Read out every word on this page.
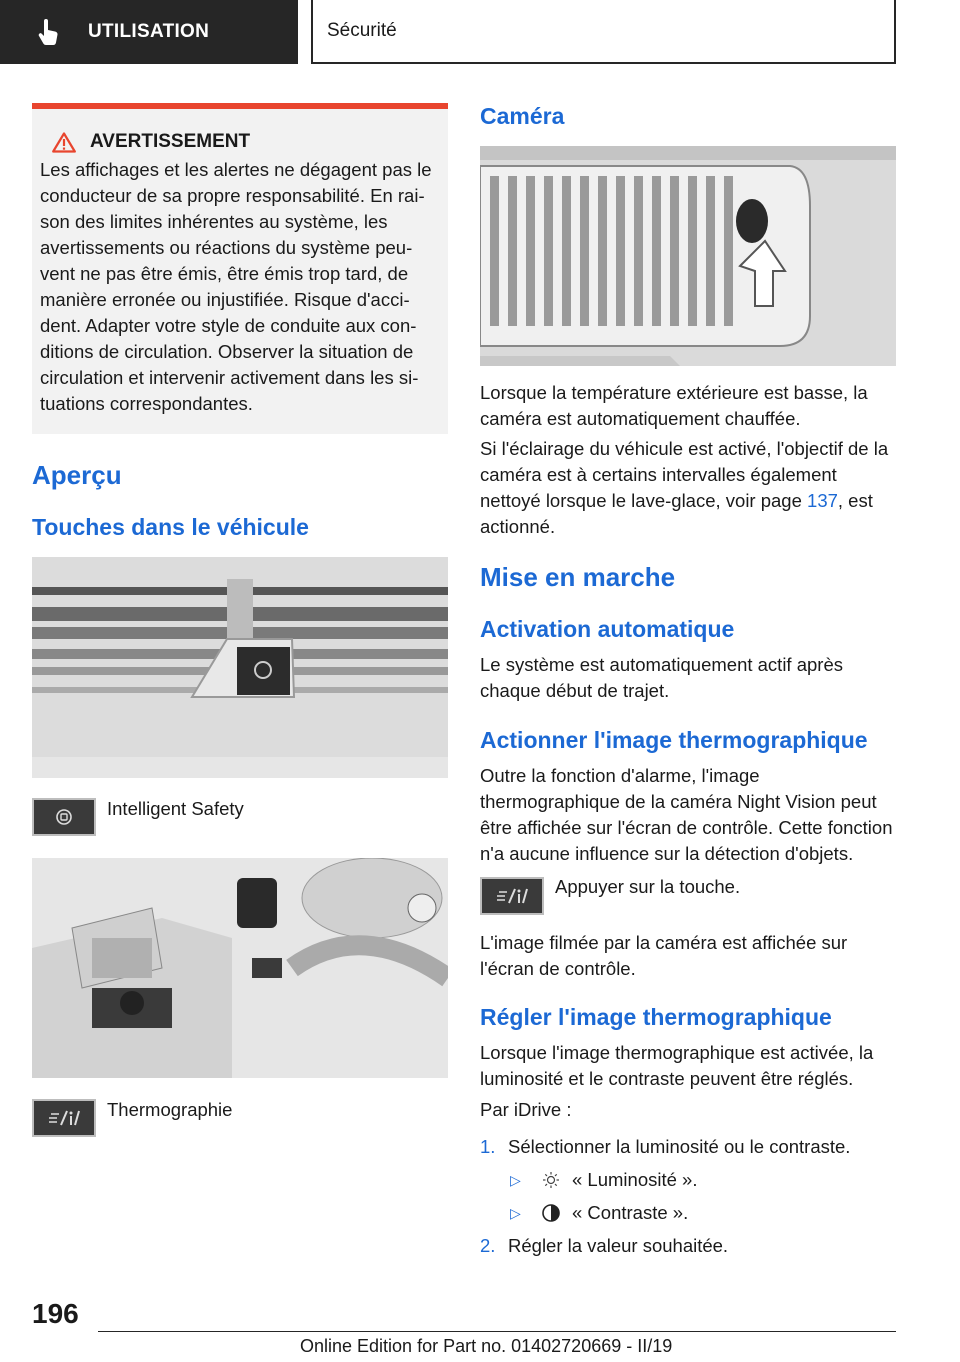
UTILISATION	Sécurité
AVERTISSEMENT

Les affichages et les alertes ne dégagent pas le
conducteur de sa propre responsabilité. En rai‐
son des limites inhérentes au système, les
avertissements ou réactions du système peu‐
vent ne pas être émis, être émis trop tard, de
manière erronée ou injustifiée. Risque d'acci‐
dent. Adapter votre style de conduite aux con‐
ditions de circulation. Observer la situation de
circulation et intervenir activement dans les si‐
tuations correspondantes.

Aperçu
Touches dans le véhicule

Intelligent Safety

Thermographie

Caméra

Lorsque la température extérieure est basse, la caméra est automatiquement chauffée.

Si l'éclairage du véhicule est activé, l'objectif de la caméra est à certains intervalles également nettoyé lorsque le lave-glace, voir page 137, est actionné.

Mise en marche
Activation automatique

Le système est automatiquement actif après chaque début de trajet.

Actionner l'image thermographique

Outre la fonction d'alarme, l'image thermographique de la caméra Night Vision peut être affichée sur l'écran de contrôle. Cette fonction n'a aucune influence sur la détection d'objets.

Appuyer sur la touche.

L'image filmée par la caméra est affichée sur l'écran de contrôle.

Régler l'image thermographique

Lorsque l'image thermographique est activée, la luminosité et le contraste peuvent être réglés.

Par iDrive :

1. Sélectionner la luminosité ou le contraste.

▷	« Luminosité ».

▷	« Contraste ».

2. Régler la valeur souhaitée.

196
Online Edition for Part no. 01402720669 - II/19
